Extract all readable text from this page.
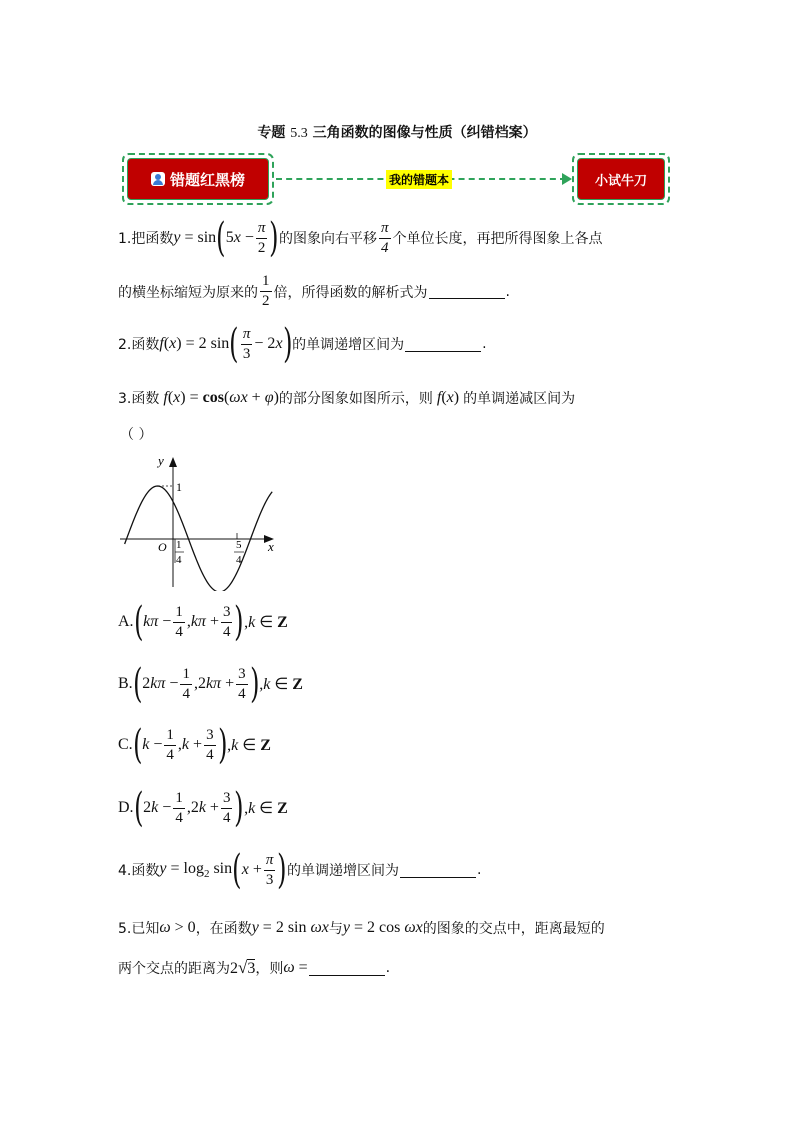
专题 5.3 三角函数的图像与性质（纠错档案）
错题红黑榜	我的错题本	小试牛刀
1.把函数 y = sin ( $5x - \frac{\pi}{2}$ ) 的图象向右平移 $\frac{\pi}{4}$ 个单位长度，再把所得图象上各点
的横坐标缩短为原来的 $\frac{1}{2}$ 倍，所得函数的解析式为	.
2.函数 f(x) = 2 sin ( $\frac{\pi}{3} - 2x$ ) 的单调递增区间为	.
3.函数 f(x) = cos(ωx + φ) 的部分图象如图所示，则 f(x) 的单调递减区间为
（ ）
y
x
O
1
1
4
5
4
A. ( $k\pi - \frac{1}{4} ,k\pi + \frac{3}{4}$ ) ,k ∈ Z
B. ( $2k\pi - \frac{1}{4} ,2k\pi + \frac{3}{4}$ ) ,k ∈ Z
C. ( $k - \frac{1}{4} ,k + \frac{3}{4}$ ) ,k ∈ Z
D. ( $2k - \frac{1}{4} ,2k + \frac{3}{4}$ ) ,k ∈ Z
4.函数 $y = \log_2 \sin$ ( $x + \frac{\pi}{3}$ ) 的单调递增区间为	.
5.已知 ω > 0 ，在函数 y = 2 sin ωx 与 y = 2 cos ωx 的图象的交点中，距离最短的
两个交点的距离为 2√3 ，则 ω =	.
